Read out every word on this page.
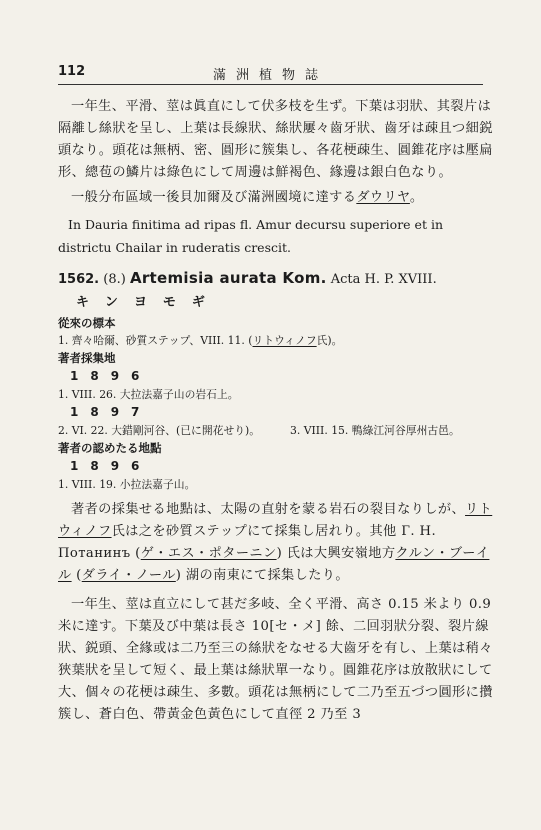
112	滿洲植物誌

一年生、平滑、莖は眞直にして伏多枝を生ず。下葉は羽狀、其裂片は隔離し絲狀を呈し、上葉は長線狀、絲狀屢々齒牙狀、齒牙は疎且つ細鋭頭なり。頭花は無柄、密、圓形に簇集し、各花梗疎生、圓錐花序は壓扁形、總苞の鱗片は綠色にして周邊は鮮褐色、緣邊は銀白色なり。

一般分布區域一後貝加爾及び滿洲國境に達するダウリヤ。

In Dauria finitima ad ripas fl. Amur decursu superiore et in districtu Chailar in ruderatis crescit.

1562. (8.) Artemisia aurata Kom. Acta H. P. XVIII.
キンヨモギ
從來の標本
1. 齊々哈爾、砂質ステップ、VIII. 11. (リトウィノフ氏)。
著者採集地
1896
1. VIII. 26. 大拉法嘉子山の岩石上。
1897
2. VI. 22. 大錯剛河谷、(已に開花せり)。	3. VIII. 15. 鴨綠江河谷厚州古邑。
著者の認めたる地點
1896
1. VIII. 19. 小拉法嘉子山。

著者の採集せる地點は、太陽の直射を蒙る岩石の裂目なりしが、リトウィノフ氏は之を砂質ステップにて採集し居れり。其他 Г. Н. Потанинъ (ゲ・エス・ポターニン) 氏は大興安嶺地方クルン・ブーイル (ダライ・ノール) 湖の南東にて採集したり。

一年生、莖は直立にして甚だ多岐、全く平滑、高さ 0.15 米より 0.9 米に達す。下葉及び中葉は長さ 10[セ・メ] 餘、二回羽狀分裂、裂片線狀、鋭頭、全緣或は二乃至三の絲狀をなせる大齒牙を有し、上葉は稍々狹葉狀を呈して短く、最上葉は絲狀單一なり。圓錐花序は放散狀にして大、個々の花梗は疎生、多數。頭花は無柄にして二乃至五づつ圓形に攢簇し、蒼白色、帶黃金色黃色にして直徑 2 乃至 3
